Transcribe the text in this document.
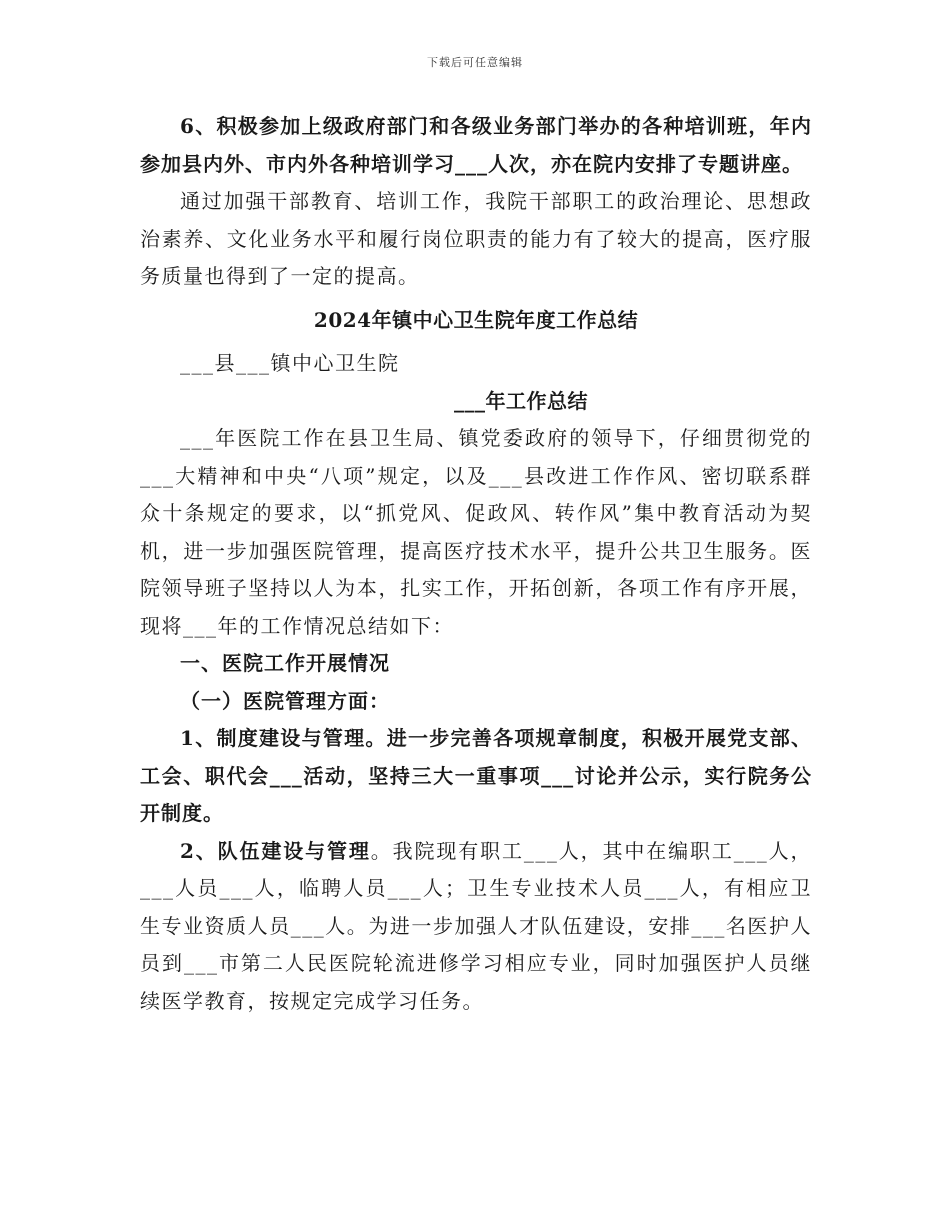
下载后可任意编辑

6、积极参加上级政府部门和各级业务部门举办的各种培训班，年内参加县内外、市内外各种培训学习___人次，亦在院内安排了专题讲座。

通过加强干部教育、培训工作，我院干部职工的政治理论、思想政治素养、文化业务水平和履行岗位职责的能力有了较大的提高，医疗服务质量也得到了一定的提高。

2024年镇中心卫生院年度工作总结

___县___镇中心卫生院

___年工作总结

___年医院工作在县卫生局、镇党委政府的领导下，仔细贯彻党的___大精神和中央“八项”规定，以及___县改进工作作风、密切联系群众十条规定的要求，以“抓党风、促政风、转作风”集中教育活动为契机，进一步加强医院管理，提高医疗技术水平，提升公共卫生服务。医院领导班子坚持以人为本，扎实工作，开拓创新，各项工作有序开展，现将___年的工作情况总结如下：

一、医院工作开展情况

（一）医院管理方面：

1、制度建设与管理。进一步完善各项规章制度，积极开展党支部、工会、职代会___活动，坚持三大一重事项___讨论并公示，实行院务公开制度。

2、队伍建设与管理。我院现有职工___人，其中在编职工___人，___人员___人，临聘人员___人；卫生专业技术人员___人，有相应卫生专业资质人员___人。为进一步加强人才队伍建设，安排___名医护人员到___市第二人民医院轮流进修学习相应专业，同时加强医护人员继续医学教育，按规定完成学习任务。
